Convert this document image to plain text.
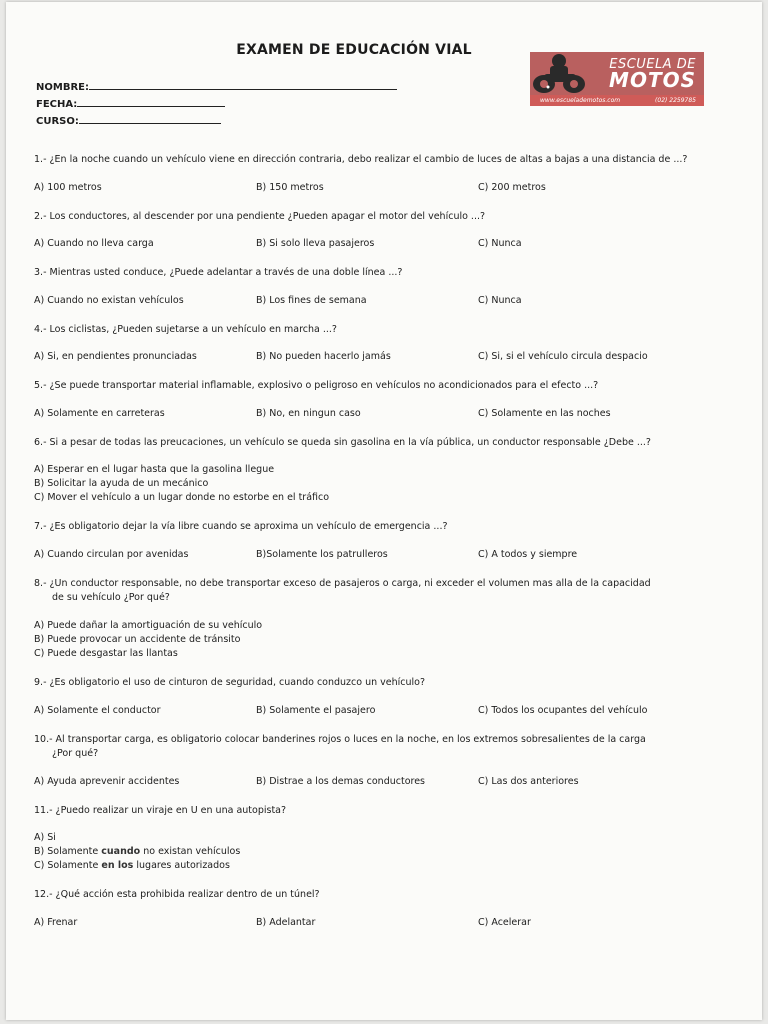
EXAMEN DE EDUCACIÓN VIAL
NOMBRE:
FECHA:
CURSO:
ESCUELA DE
MOTOS
www.escuelademotos.com	(02) 2259785
1.- ¿En la noche cuando un vehículo viene en dirección contraria, debo realizar el cambio de luces de altas a bajas a una distancia de ...?
A) 100 metros	B) 150 metros	C) 200 metros
2.- Los conductores, al descender por una pendiente ¿Pueden apagar el motor del vehículo ...?
A) Cuando no lleva carga	B) Si solo lleva pasajeros	C) Nunca
3.- Mientras usted conduce, ¿Puede adelantar a través de una doble línea ...?
A) Cuando no existan vehículos	B) Los fines de semana	C) Nunca
4.- Los ciclistas, ¿Pueden sujetarse a un vehículo en marcha ...?
A) Si, en pendientes pronunciadas	B) No pueden hacerlo jamás	C) Si, si el vehículo circula despacio
5.- ¿Se puede transportar material inflamable, explosivo o peligroso en vehículos no acondicionados para el efecto ...?
A) Solamente en carreteras	B) No, en ningun caso	C) Solamente en las noches
6.- Si a pesar de todas las preucaciones, un vehículo se queda sin gasolina en la vía pública, un conductor responsable ¿Debe ...?
A) Esperar en el lugar hasta que la gasolina llegue
B) Solicitar la ayuda de un mecánico
C) Mover el vehículo a un lugar donde no estorbe en el tráfico
7.- ¿Es obligatorio dejar la vía libre cuando se aproxima un vehículo de emergencia ...?
A) Cuando circulan por avenidas	B)Solamente los patrulleros	C) A todos y siempre
8.- ¿Un conductor responsable, no debe transportar exceso de pasajeros o carga, ni exceder el volumen mas alla de la capacidad
de su vehículo ¿Por qué?
A) Puede dañar la amortiguación de su vehículo
B) Puede provocar un accidente de tránsito
C) Puede desgastar las llantas
9.- ¿Es obligatorio el uso de cinturon de seguridad, cuando conduzco un vehículo?
A) Solamente el conductor	B) Solamente el pasajero	C) Todos los ocupantes del vehículo
10.- Al transportar carga, es obligatorio colocar banderines rojos o luces en la noche, en los extremos sobresalientes de la carga
¿Por qué?
A) Ayuda aprevenir accidentes	B) Distrae a los demas conductores	C) Las dos anteriores
11.- ¿Puedo realizar un viraje en U en una autopista?
A) Si
B) Solamente cuando no existan vehículos
C) Solamente en los lugares autorizados
12.- ¿Qué acción esta prohibida realizar dentro de un túnel?
A) Frenar	B) Adelantar	C) Acelerar
